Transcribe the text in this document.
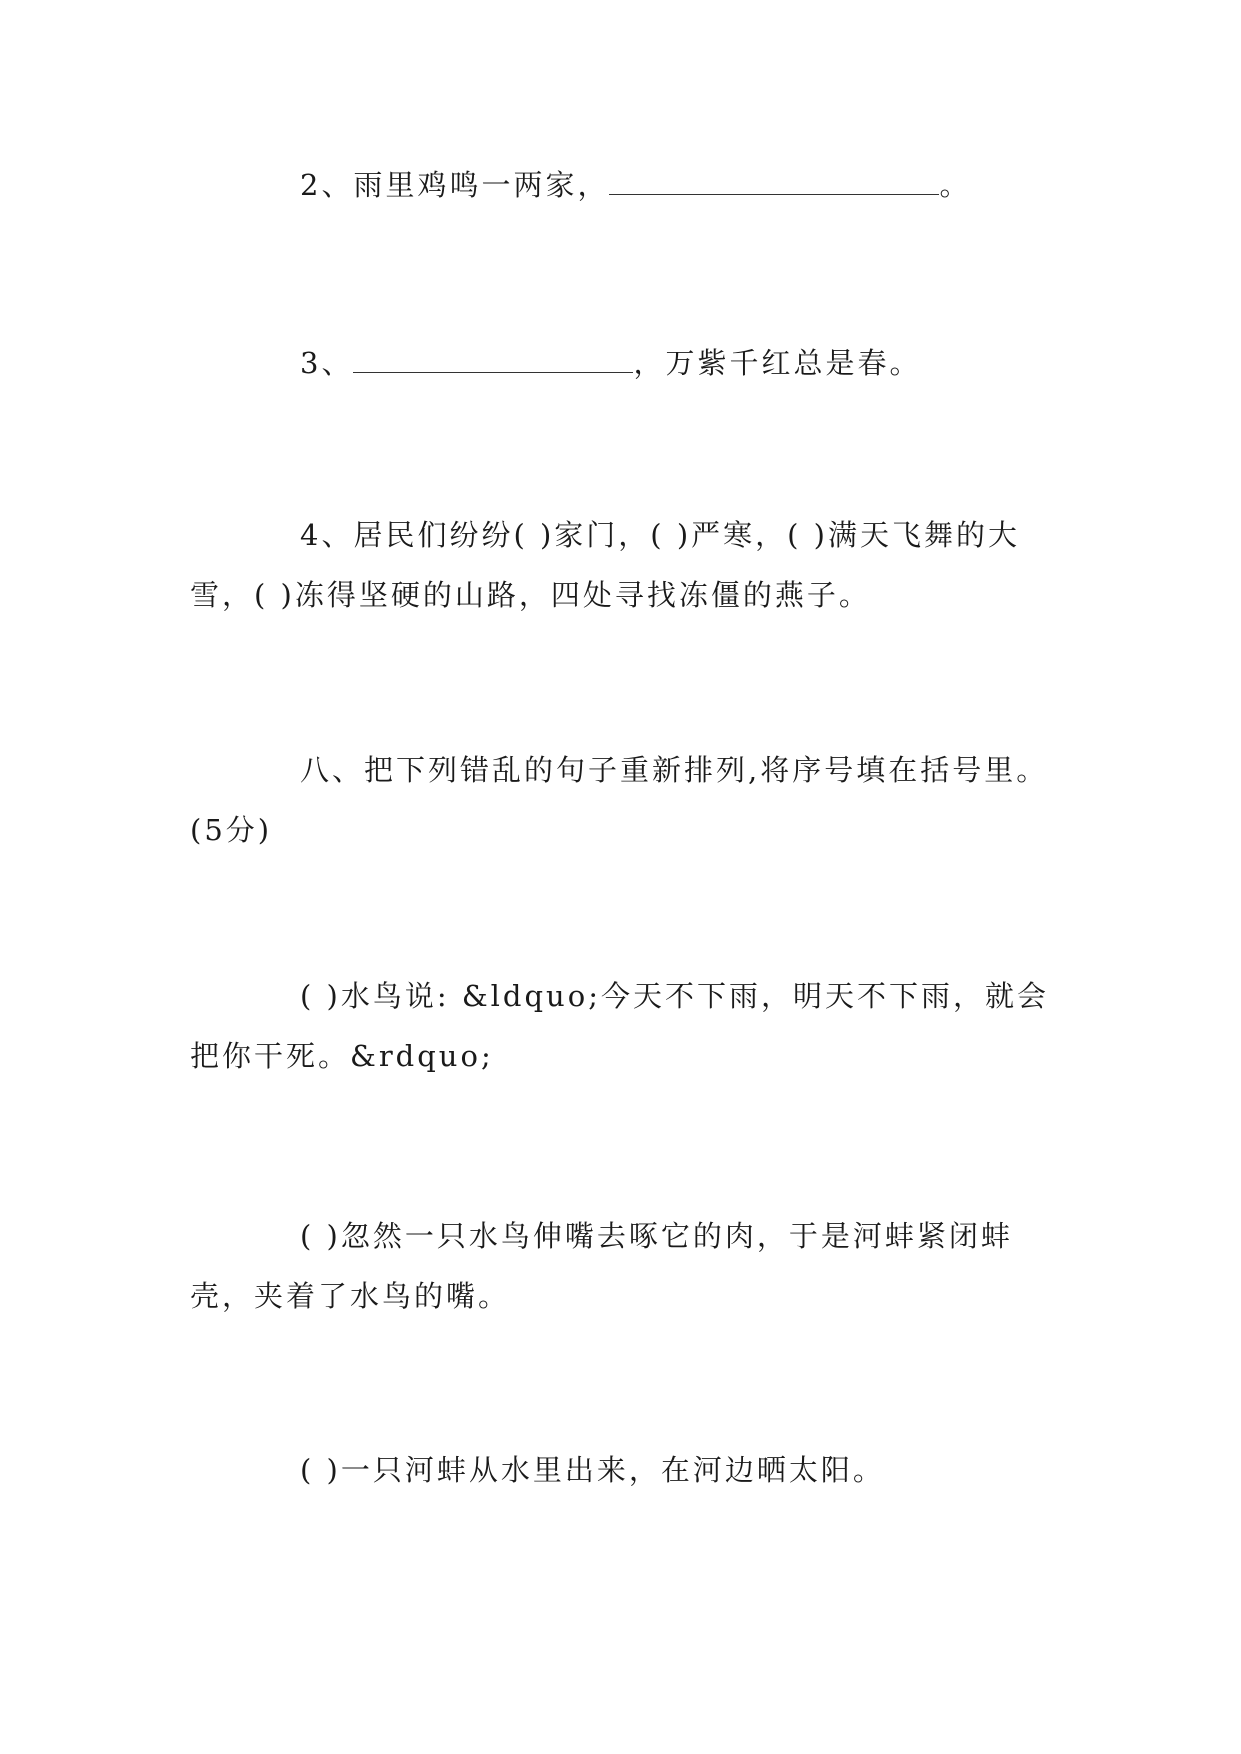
2、雨里鸡鸣一两家，	。

3、	，万紫千红总是春。

4、居民们纷纷( )家门，( )严寒，( )满天飞舞的大雪，( )冻得坚硬的山路，四处寻找冻僵的燕子。

八、把下列错乱的句子重新排列,将序号填在括号里。(5分)

( )水鸟说: &ldquo;今天不下雨，明天不下雨，就会把你干死。&rdquo;

( )忽然一只水鸟伸嘴去啄它的肉，于是河蚌紧闭蚌壳，夹着了水鸟的嘴。

( )一只河蚌从水里出来，在河边晒太阳。
